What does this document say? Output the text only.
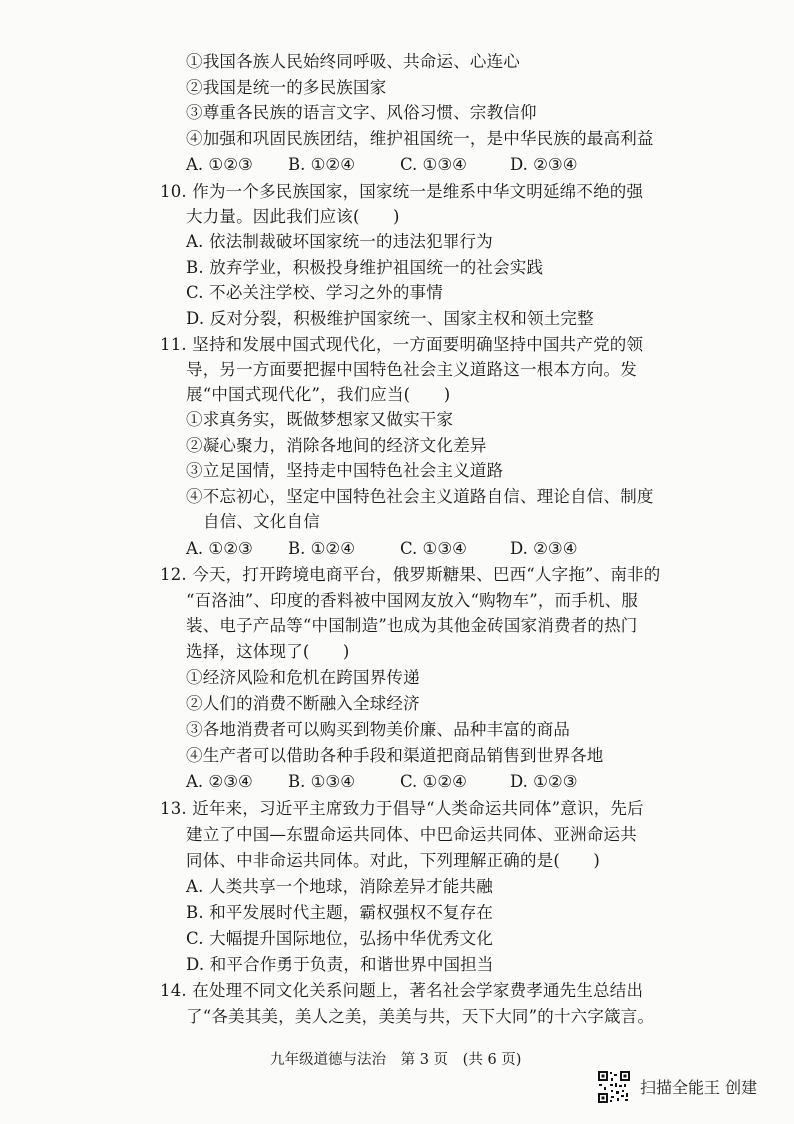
①我国各族人民始终同呼吸、共命运、心连心
②我国是统一的多民族国家
③尊重各民族的语言文字、风俗习惯、宗教信仰
④加强和巩固民族团结，维护祖国统一，是中华民族的最高利益
A. ①②③ B. ①②④	C. ①③④	D. ②③④
10. 作为一个多民族国家，国家统一是维系中华文明延绵不绝的强
大力量。因此我们应该(　　)
A. 依法制裁破坏国家统一的违法犯罪行为
B. 放弃学业，积极投身维护祖国统一的社会实践
C. 不必关注学校、学习之外的事情
D. 反对分裂，积极维护国家统一、国家主权和领土完整
11. 坚持和发展中国式现代化，一方面要明确坚持中国共产党的领
导，另一方面要把握中国特色社会主义道路这一根本方向。发
展“中国式现代化”，我们应当(　　)
①求真务实，既做梦想家又做实干家
②凝心聚力，消除各地间的经济文化差异
③立足国情，坚持走中国特色社会主义道路
④不忘初心，坚定中国特色社会主义道路自信、理论自信、制度
自信、文化自信
A. ①②③ B. ①②④	C. ①③④	D. ②③④
12. 今天，打开跨境电商平台，俄罗斯糖果、巴西“人字拖”、南非的
“百洛油”、印度的香料被中国网友放入“购物车”，而手机、服
装、电子产品等“中国制造”也成为其他金砖国家消费者的热门
选择，这体现了(　　)
①经济风险和危机在跨国界传递
②人们的消费不断融入全球经济
③各地消费者可以购买到物美价廉、品种丰富的商品
④生产者可以借助各种手段和渠道把商品销售到世界各地
A. ②③④ B. ①③④	C. ①②④	D. ①②③
13. 近年来，习近平主席致力于倡导“人类命运共同体”意识，先后
建立了中国—东盟命运共同体、中巴命运共同体、亚洲命运共
同体、中非命运共同体。对此，下列理解正确的是(　　)
A. 人类共享一个地球，消除差异才能共融
B. 和平发展时代主题，霸权强权不复存在
C. 大幅提升国际地位，弘扬中华优秀文化
D. 和平合作勇于负责，和谐世界中国担当
14. 在处理不同文化关系问题上，著名社会学家费孝通先生总结出
了“各美其美，美人之美，美美与共，天下大同”的十六字箴言。
九年级道德与法治 第 3 页 (共 6 页)
扫描全能王 创建
